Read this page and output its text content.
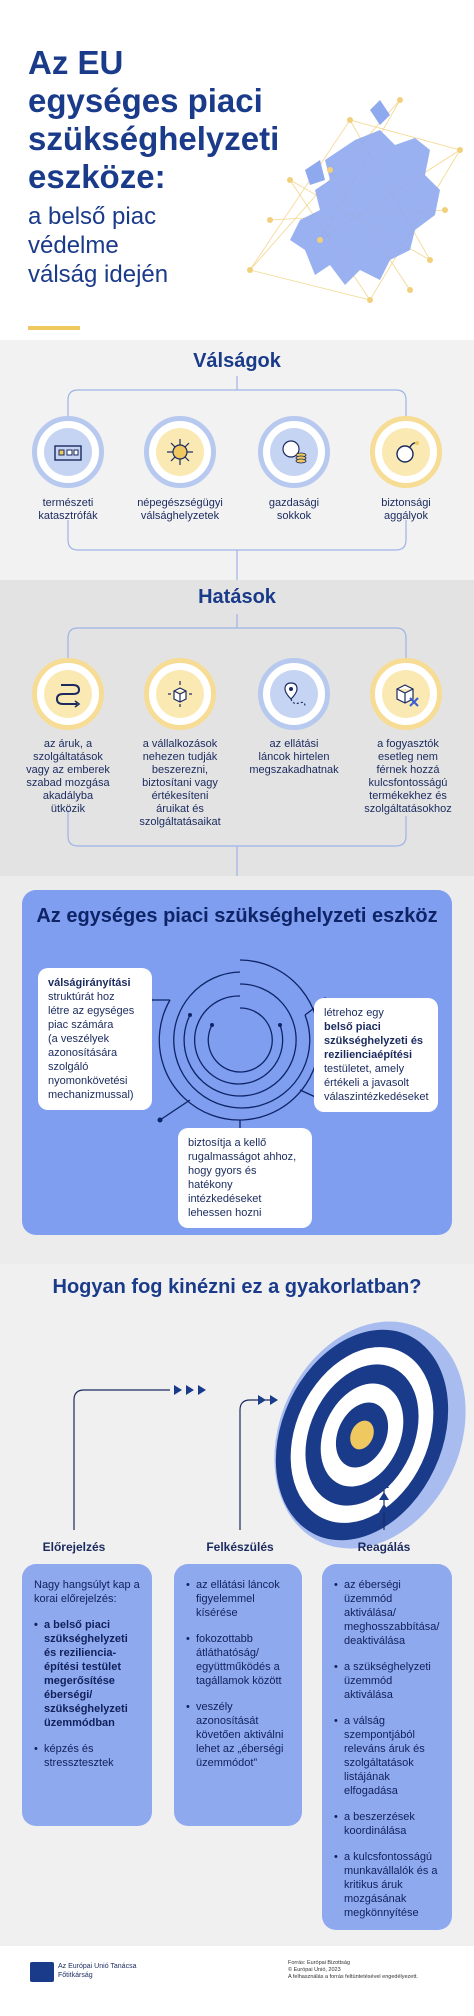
Az EU
egységes piaci
szükséghelyzeti
eszköze:
a belső piac
védelme
válság idején
Válságok
természeti
katasztrófák
népegészségügyi
válsághelyzetek
gazdasági
sokkok
biztonsági
aggályok
Hatások
az áruk, a
szolgáltatások
vagy az emberek
szabad mozgása
akadályba
ütközik
a vállalkozások
nehezen tudják
beszerezni,
biztosítani vagy
értékesíteni
áruikat és
szolgáltatásaikat
az ellátási
láncok hirtelen
megszakadhatnak
a fogyasztók
esetleg nem
férnek hozzá
kulcsfontosságú
termékekhez és
szolgáltatásokhoz
Az egységes piaci szükséghelyzeti eszköz
válságirányítási
struktúrát hoz
létre az egységes
piac számára
(a veszélyek
azonosítására
szolgáló
nyomonkövetési
mechanizmussal)
létrehoz egy
belső piaci
szükséghelyzeti és
rezilienciaépítési
testületet, amely
értékeli a javasolt
válaszintézkedéseket
biztosítja a kellő
rugalmasságot ahhoz,
hogy gyors és hatékony
intézkedéseket
lehessen hozni
Hogyan fog kinézni ez a gyakorlatban?
Előrejelzés	Felkészülés	Reagálás
Nagy hangsúlyt kap a korai előrejelzés:
• a belső piaci szükséghelyzeti és rezilienciaépítési testület megerősítése éberségi/ szükséghelyzeti üzemmódban
• képzés és stressztesztek
• az ellátási láncok figyelemmel kísérése
• fokozottabb átláthatóság/ együttműködés a tagállamok között
• veszély azonosítását követően aktiválni lehet az „éberségi üzemmódot”
• az éberségi üzemmód aktiválása/ meghosszabbítása/ deaktiválása
• a szükséghelyzeti üzemmód aktiválása
• a válság szempontjából releváns áruk és szolgáltatások listájának elfogadása
• a beszerzések koordinálása
• a kulcsfontosságú munkavállalók és a kritikus áruk mozgásának megkönnyítése
Az Európai Unió Tanácsa
Főtitkárság
Forrás: Európai Bizottság
© Európai Unió, 2023
A felhasználás a forrás feltüntetésével engedélyezett.
